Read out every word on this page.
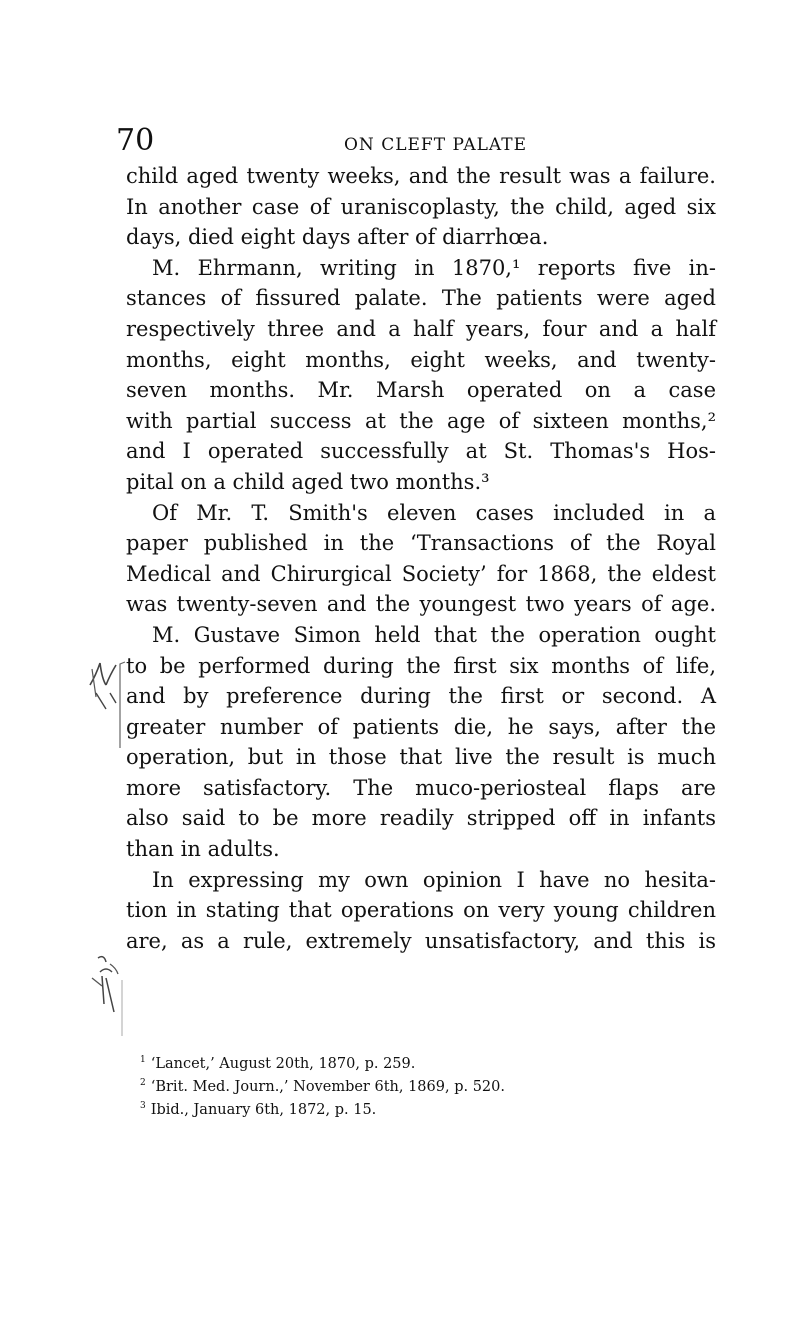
70	ON CLEFT PALATE
child aged twenty weeks, and the result was a failure.
In another case of uraniscoplasty, the child, aged six
days, died eight days after of diarrhœa.
M. Ehrmann, writing in 1870,¹ reports five in-
stances of fissured palate. The patients were aged
respectively three and a half years, four and a half
months, eight months, eight weeks, and twenty-
seven months. Mr. Marsh operated on a case
with partial success at the age of sixteen months,²
and I operated successfully at St. Thomas's Hos-
pital on a child aged two months.³
Of Mr. T. Smith's eleven cases included in a
paper published in the ‘Transactions of the Royal
Medical and Chirurgical Society’ for 1868, the eldest
was twenty-seven and the youngest two years of age.
M. Gustave Simon held that the operation ought
to be performed during the first six months of life,
and by preference during the first or second. A
greater number of patients die, he says, after the
operation, but in those that live the result is much
more satisfactory. The muco-periosteal flaps are
also said to be more readily stripped off in infants
than in adults.
In expressing my own opinion I have no hesita-
tion in stating that operations on very young children
are, as a rule, extremely unsatisfactory, and this is
$^1$ ‘Lancet,’ August 20th, 1870, p. 259.
$^2$ ‘Brit. Med. Journ.,’ November 6th, 1869, p. 520.
$^3$ Ibid., January 6th, 1872, p. 15.
